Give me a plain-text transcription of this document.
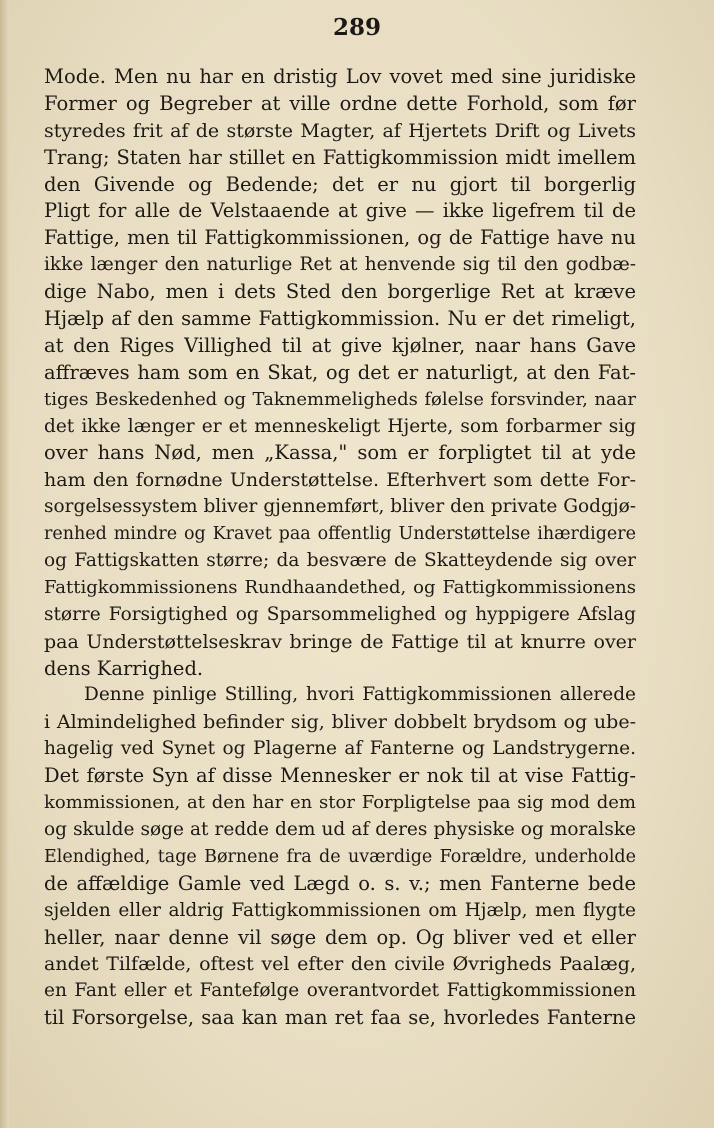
289
Mode. Men nu har en dristig Lov vovet med sine juridiske
Former og Begreber at ville ordne dette Forhold, som før
styredes frit af de største Magter, af Hjertets Drift og Livets
Trang; Staten har stillet en Fattigkommission midt imellem
den Givende og Bedende; det er nu gjort til borgerlig
Pligt for alle de Velstaaende at give — ikke ligefrem til de
Fattige, men til Fattigkommissionen, og de Fattige have nu
ikke længer den naturlige Ret at henvende sig til den godbæ-
dige Nabo, men i dets Sted den borgerlige Ret at kræve
Hjælp af den samme Fattigkommission. Nu er det rimeligt,
at den Riges Villighed til at give kjølner, naar hans Gave
affræves ham som en Skat, og det er naturligt, at den Fat-
tiges Beskedenhed og Taknemmeligheds følelse forsvinder, naar
det ikke længer er et menneskeligt Hjerte, som forbarmer sig
over hans Nød, men „Kassa," som er forpligtet til at yde
ham den fornødne Understøttelse. Efterhvert som dette For-
sorgelsessystem bliver gjennemført, bliver den private Godgjø-
renhed mindre og Kravet paa offentlig Understøttelse ihærdigere
og Fattigskatten større; da besvære de Skatteydende sig over
Fattigkommissionens Rundhaandethed, og Fattigkommissionens
større Forsigtighed og Sparsommelighed og hyppigere Afslag
paa Understøttelseskrav bringe de Fattige til at knurre over
dens Karrighed.
Denne pinlige Stilling, hvori Fattigkommissionen allerede
i Almindelighed befinder sig, bliver dobbelt brydsom og ube-
hagelig ved Synet og Plagerne af Fanterne og Landstrygerne.
Det første Syn af disse Mennesker er nok til at vise Fattig-
kommissionen, at den har en stor Forpligtelse paa sig mod dem
og skulde søge at redde dem ud af deres physiske og moralske
Elendighed, tage Børnene fra de uværdige Forældre, underholde
de affældige Gamle ved Lægd o. s. v.; men Fanterne bede
sjelden eller aldrig Fattigkommissionen om Hjælp, men flygte
heller, naar denne vil søge dem op. Og bliver ved et eller
andet Tilfælde, oftest vel efter den civile Øvrigheds Paalæg,
en Fant eller et Fantefølge overantvordet Fattigkommissionen
til Forsorgelse, saa kan man ret faa se, hvorledes Fanterne
